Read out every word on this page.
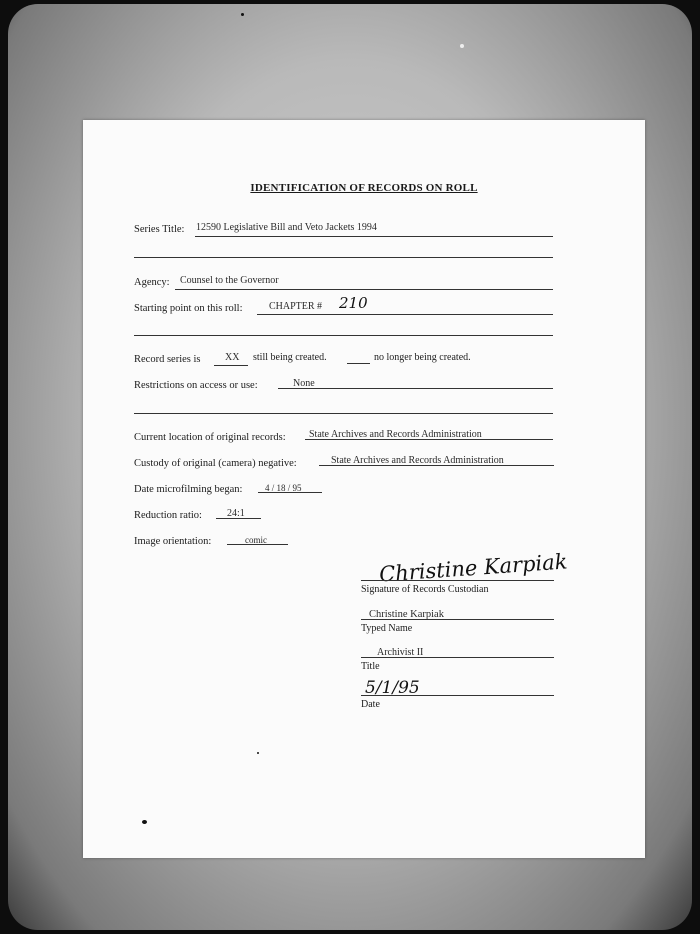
IDENTIFICATION OF RECORDS ON ROLL
Series Title: 12590 Legislative Bill and Veto Jackets 1994
Agency: Counsel to the Governor
Starting point on this roll:	CHAPTER # 210
Record series is XX still being created.	no longer being created.
Restrictions on access or use:	None
Current location of original records: State Archives and Records Administration
Custody of original (camera) negative:	State Archives and Records Administration
Date microfilming began:	4 / 18 / 95
Reduction ratio:	24:1
Image orientation:	comic
Christine Karpiak
Signature of Records Custodian
Christine Karpiak
Typed Name
Archivist II
Title
5/1/95
Date
